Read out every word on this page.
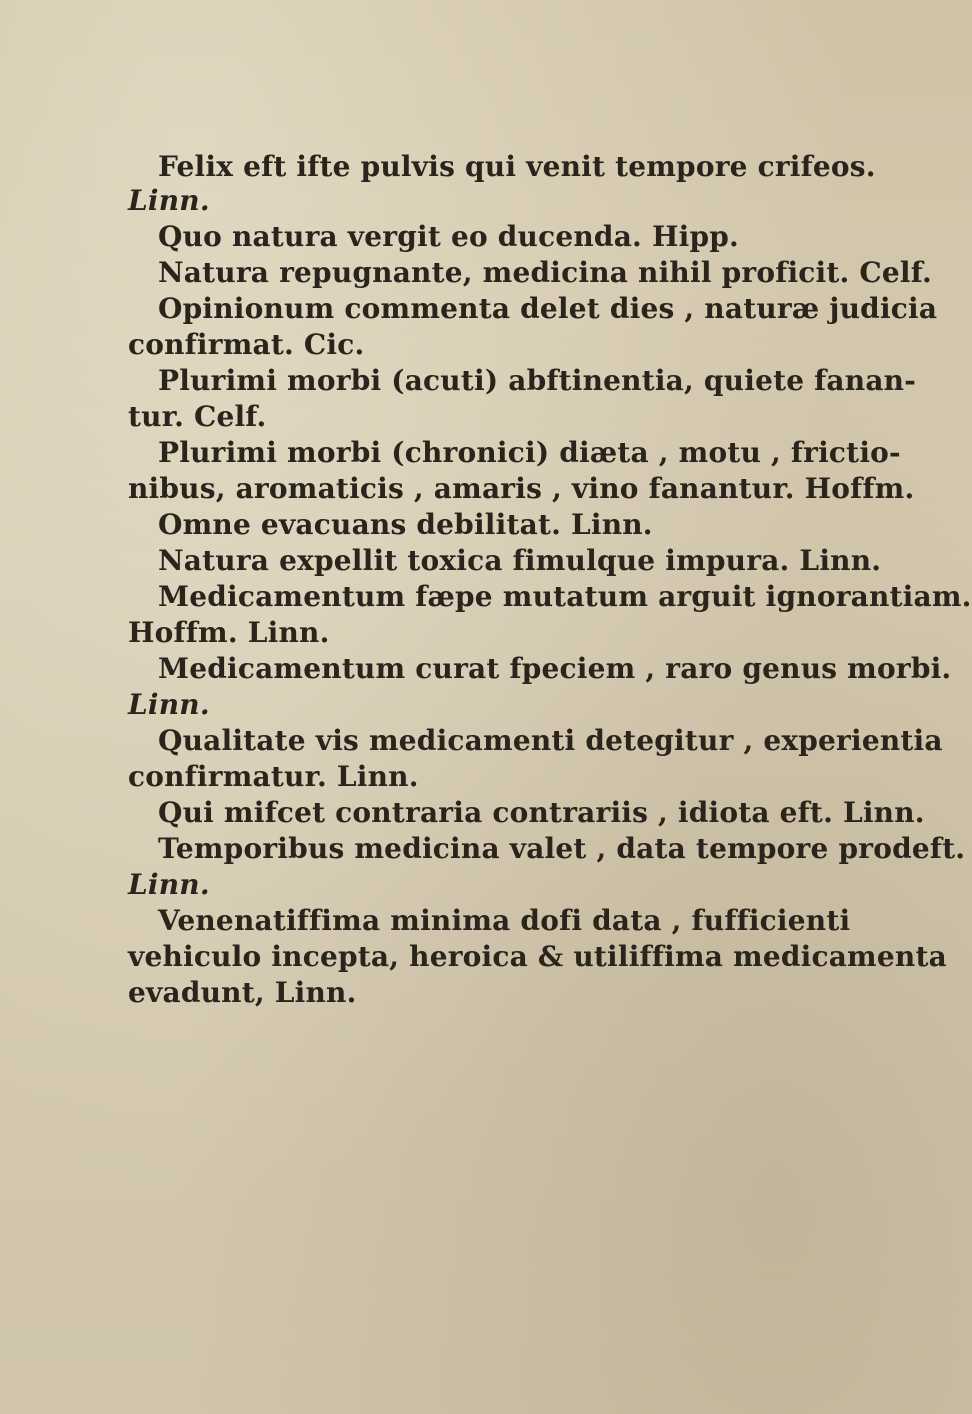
Felix eft ifte pulvis qui venit tempore crifeos.
Linn.
Quo natura vergit eo ducenda. Hipp.
Natura repugnante, medicina nihil proficit. Celf.
Opinionum commenta delet dies , naturæ judicia
confirmat. Cic.
Plurimi morbi (acuti) abftinentia, quiete fanan-
tur. Celf.
Plurimi morbi (chronici) diæta , motu , frictio-
nibus, aromaticis , amaris , vino fanantur. Hoffm.
Omne evacuans debilitat. Linn.
Natura expellit toxica fimulque impura. Linn.
Medicamentum fæpe mutatum arguit ignorantiam.
Hoffm. Linn.
Medicamentum curat fpeciem , raro genus morbi.
Linn.
Qualitate vis medicamenti detegitur , experientia
confirmatur. Linn.
Qui mifcet contraria contrariis , idiota eft. Linn.
Temporibus medicina valet , data tempore prodeft.
Linn.
Venenatiffima minima dofi data , fufficienti
vehiculo incepta, heroica & utiliffima medicamenta
evadunt, Linn.
